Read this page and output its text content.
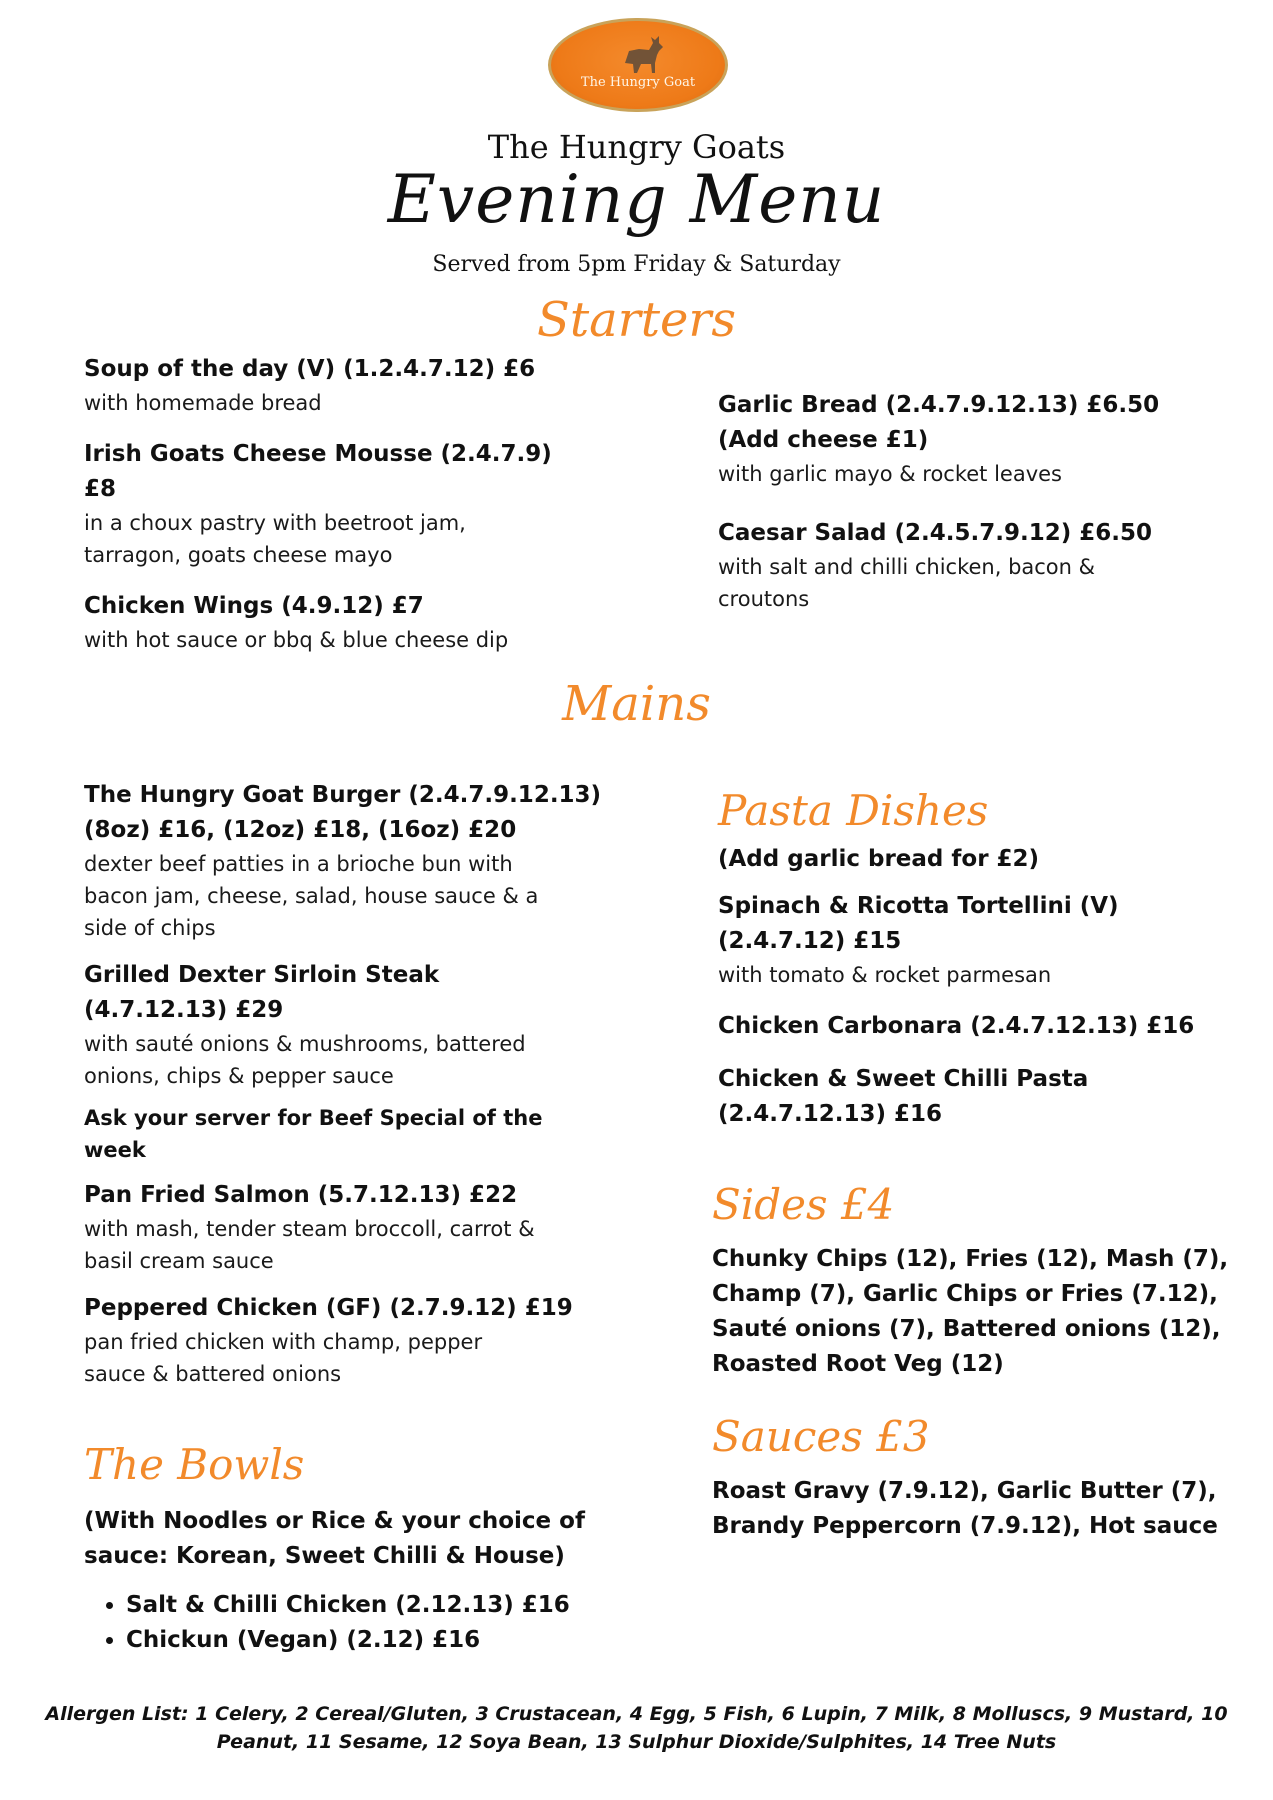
The Hungry Goat
The Hungry Goats
Evening Menu
Served from 5pm Friday & Saturday
Starters
Soup of the day (V) (1.2.4.7.12) £6
with homemade bread
Irish Goats Cheese Mousse (2.4.7.9) £8
in a choux pastry with beetroot jam, tarragon, goats cheese mayo
Chicken Wings (4.9.12) £7
with hot sauce or bbq & blue cheese dip
Garlic Bread (2.4.7.9.12.13) £6.50 (Add cheese £1)
with garlic mayo & rocket leaves
Caesar Salad (2.4.5.7.9.12) £6.50
with salt and chilli chicken, bacon & croutons
Mains
The Hungry Goat Burger (2.4.7.9.12.13) (8oz) £16, (12oz) £18, (16oz) £20
dexter beef patties in a brioche bun with bacon jam, cheese, salad, house sauce & a side of chips
Grilled Dexter Sirloin Steak (4.7.12.13) £29
with sauté onions & mushrooms, battered onions, chips & pepper sauce
Ask your server for Beef Special of the week
Pan Fried Salmon (5.7.12.13) £22
with mash, tender steam broccoll, carrot & basil cream sauce
Peppered Chicken (GF) (2.7.9.12) £19
pan fried chicken with champ, pepper sauce & battered onions
The Bowls
(With Noodles or Rice & your choice of sauce: Korean, Sweet Chilli & House)
• Salt & Chilli Chicken (2.12.13) £16
• Chickun (Vegan) (2.12) £16
Pasta Dishes
(Add garlic bread for £2)
Spinach & Ricotta Tortellini (V) (2.4.7.12) £15
with tomato & rocket parmesan
Chicken Carbonara (2.4.7.12.13) £16
Chicken & Sweet Chilli Pasta (2.4.7.12.13) £16
Sides £4
Chunky Chips (12), Fries (12), Mash (7), Champ (7), Garlic Chips or Fries (7.12), Sauté onions (7), Battered onions (12), Roasted Root Veg (12)
Sauces £3
Roast Gravy (7.9.12), Garlic Butter (7), Brandy Peppercorn (7.9.12), Hot sauce
Allergen List: 1 Celery, 2 Cereal/Gluten, 3 Crustacean, 4 Egg, 5 Fish, 6 Lupin, 7 Milk, 8 Molluscs, 9 Mustard, 10 Peanut, 11 Sesame, 12 Soya Bean, 13 Sulphur Dioxide/Sulphites, 14 Tree Nuts
